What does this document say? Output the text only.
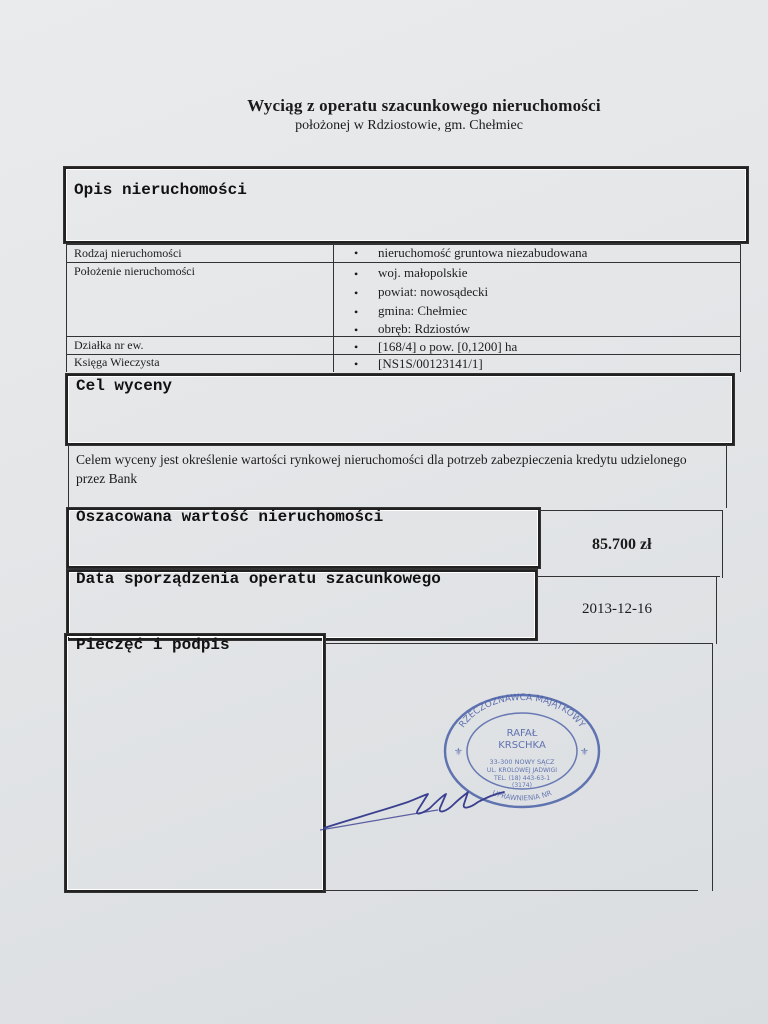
Wyciąg z operatu szacunkowego nieruchomości
położonej w Rdziostowie, gm. Chełmiec
Opis nieruchomości
Rodzaj nieruchomości	• nieruchomość gruntowa niezabudowana
Położenie nieruchomości	• woj. małopolskie
• powiat: nowosądecki
• gmina: Chełmiec
• obręb: Rdziostów
Działka nr ew.	• [168/4] o pow. [0,1200] ha
Księga Wieczysta	• [NS1S/00123141/1]
Cel wyceny
Celem wyceny jest określenie wartości rynkowej nieruchomości dla potrzeb zabezpieczenia kredytu udzielonego przez Bank
Oszacowana wartość nieruchomości
85.700 zł
Data sporządzenia operatu szacunkowego
2013-12-16
Pieczęć i podpis
RZECZOZNAWCA MAJĄTKOWY
RAFAŁ
KRSCHKA
33-300 NOWY SĄCZ
UL. KRÓLOWEJ JADWIGI
TEL. (18) 443-63-1
(3174)
UPRAWNIENIA NR
⚜	⚜
